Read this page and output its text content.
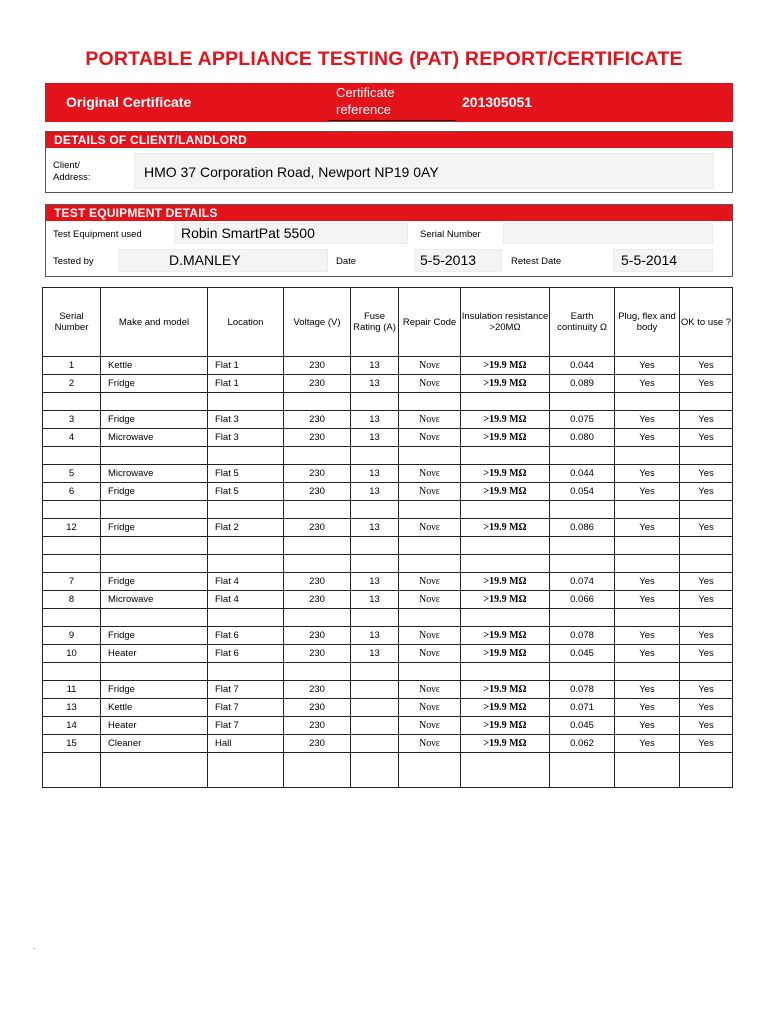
PORTABLE APPLIANCE TESTING (PAT) REPORT/CERTIFICATE
Original Certificate
Certificate reference	201305051
DETAILS OF CLIENT/LANDLORD
Client/ Address:	HMO 37 Corporation Road, Newport NP19 0AY
TEST EQUIPMENT DETAILS
Test Equipment used	Robin SmartPat 5500	Serial Number
Tested by	D.MANLEY	Date	5-5-2013	Retest Date	5-5-2014
Serial Number	Make and model	Location	Voltage (V)	Fuse Rating (A)	Repair Code	Insulation resistance >20MΩ	Earth continuity Ω	Plug, flex and body	OK to use ?
1	Kettle	Flat 1	230	13	Νονε	>19.9 MΩ	0.044	Yes	Yes
2	Fridge	Flat 1	230	13	Νονε	>19.9 MΩ	0.089	Yes	Yes

3	Fridge	Flat 3	230	13	Νονε	>19.9 MΩ	0.075	Yes	Yes
4	Microwave	Flat 3	230	13	Νονε	>19.9 MΩ	0.080	Yes	Yes

5	Microwave	Flat 5	230	13	Νονε	>19.9 MΩ	0.044	Yes	Yes
6	Fridge	Flat 5	230	13	Νονε	>19.9 MΩ	0.054	Yes	Yes

12	Fridge	Flat 2	230	13	Νονε	>19.9 MΩ	0.086	Yes	Yes

7	Fridge	Flat 4	230	13	Νονε	>19.9 MΩ	0.074	Yes	Yes
8	Microwave	Flat 4	230	13	Νονε	>19.9 MΩ	0.066	Yes	Yes

9	Fridge	Flat 6	230	13	Νονε	>19.9 MΩ	0.078	Yes	Yes
10	Heater	Flat 6	230	13	Νονε	>19.9 MΩ	0.045	Yes	Yes

11	Fridge	Flat 7	230		Νονε	>19.9 MΩ	0.078	Yes	Yes
13	Kettle	Flat 7	230		Νονε	>19.9 MΩ	0.071	Yes	Yes
14	Heater	Flat 7	230		Νονε	>19.9 MΩ	0.045	Yes	Yes
15	Cleaner	Hall	230		Νονε	>19.9 MΩ	0.062	Yes	Yes

.
